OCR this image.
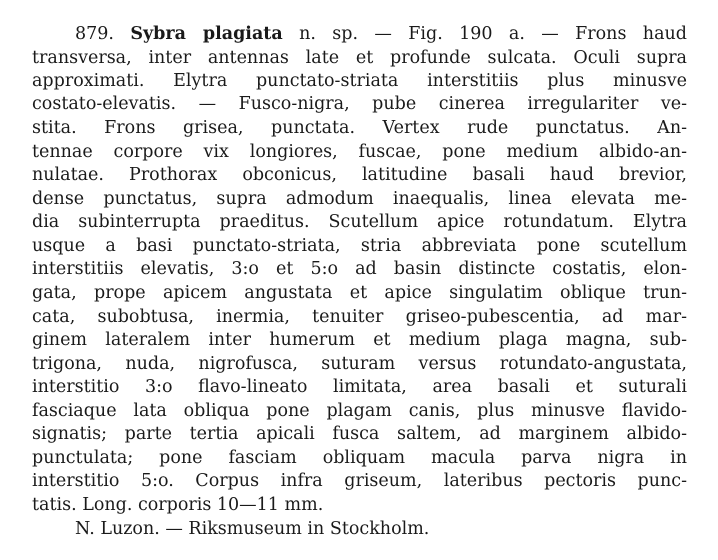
879. Sybra plagiata n. sp. — Fig. 190 a. — Frons haud
transversa, inter antennas late et profunde sulcata. Oculi supra
approximati. Elytra punctato-striata interstitiis plus minusve
costato-elevatis. — Fusco-nigra, pube cinerea irregulariter ve-
stita. Frons grisea, punctata. Vertex rude punctatus. An-
tennae corpore vix longiores, fuscae, pone medium albido-an-
nulatae. Prothorax obconicus, latitudine basali haud brevior,
dense punctatus, supra admodum inaequalis, linea elevata me-
dia subinterrupta praeditus. Scutellum apice rotundatum. Elytra
usque a basi punctato-striata, stria abbreviata pone scutellum
interstitiis elevatis, 3:o et 5:o ad basin distincte costatis, elon-
gata, prope apicem angustata et apice singulatim oblique trun-
cata, subobtusa, inermia, tenuiter griseo-pubescentia, ad mar-
ginem lateralem inter humerum et medium plaga magna, sub-
trigona, nuda, nigrofusca, suturam versus rotundato-angustata,
interstitio 3:o flavo-lineato limitata, area basali et suturali
fasciaque lata obliqua pone plagam canis, plus minusve flavido-
signatis; parte tertia apicali fusca saltem, ad marginem albido-
punctulata; pone fasciam obliquam macula parva nigra in
interstitio 5:o. Corpus infra griseum, lateribus pectoris punc-
tatis. Long. corporis 10—11 mm.
N. Luzon. — Riksmuseum in Stockholm.
